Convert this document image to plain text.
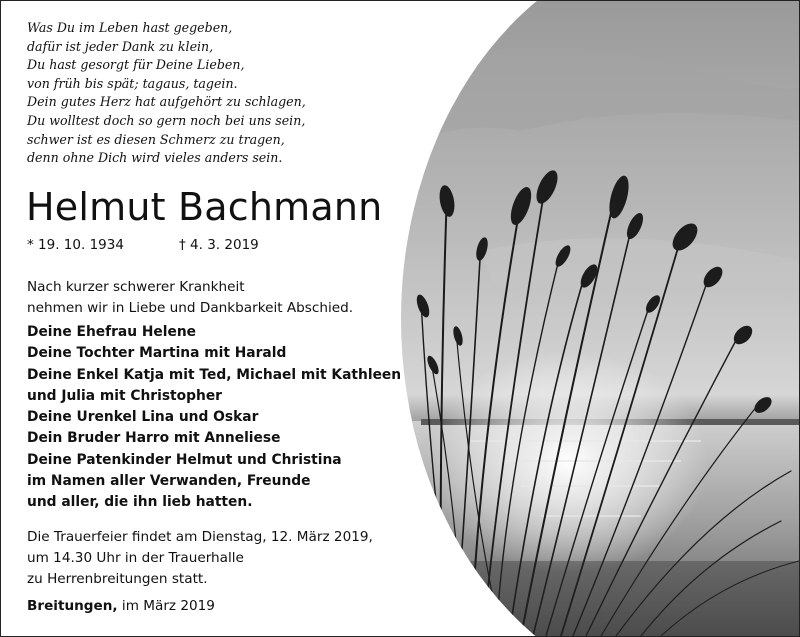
Was Du im Leben hast gegeben,
dafür ist jeder Dank zu klein,
Du hast gesorgt für Deine Lieben,
von früh bis spät; tagaus, tagein.
Dein gutes Herz hat aufgehört zu schlagen,
Du wolltest doch so gern noch bei uns sein,
schwer ist es diesen Schmerz zu tragen,
denn ohne Dich wird vieles anders sein.
Helmut Bachmann
* 19. 10. 1934	† 4. 3. 2019
Nach kurzer schwerer Krankheit
nehmen wir in Liebe und Dankbarkeit Abschied.
Deine Ehefrau Helene
Deine Tochter Martina mit Harald
Deine Enkel Katja mit Ted, Michael mit Kathleen
und Julia mit Christopher
Deine Urenkel Lina und Oskar
Dein Bruder Harro mit Anneliese
Deine Patenkinder Helmut und Christina
im Namen aller Verwanden, Freunde
und aller, die ihn lieb hatten.
Die Trauerfeier findet am Dienstag, 12. März 2019,
um 14.30 Uhr in der Trauerhalle
zu Herrenbreitungen statt.
Breitungen, im März 2019
